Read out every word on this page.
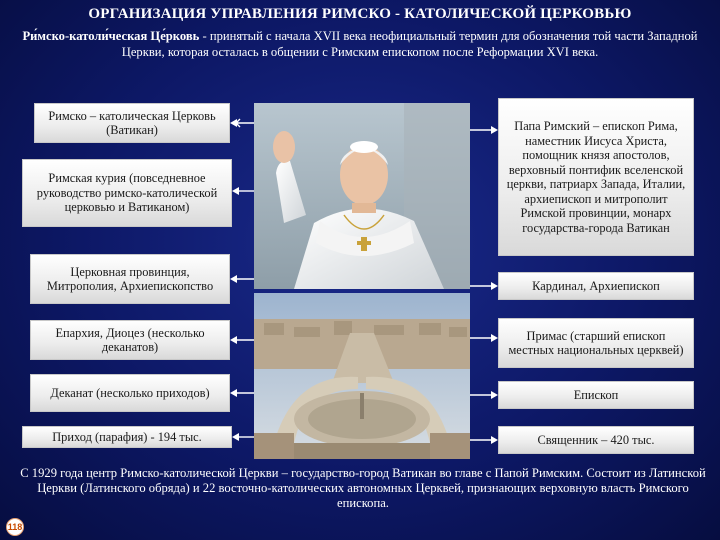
ОРГАНИЗАЦИЯ УПРАВЛЕНИЯ РИМСКО - КАТОЛИЧЕСКОЙ ЦЕРКОВЬЮ
Ри́мско-католи́ческая Це́рковь - принятый с начала XVII века неофициальный термин для обозначения той части Западной Церкви, которая осталась в общении с Римским епископом после Реформации XVI века.
Римско – католическая Церковь (Ватикан)
Римская курия (повседневное руководство римско-католической церковью и Ватиканом)
Церковная провинция, Митрополия, Архиепископство
Епархия, Диоцез (несколько деканатов)
Деканат (несколько приходов)
Приход (парафия) - 194 тыс.
Папа Римский – епископ Рима, наместник Иисуса Христа, помощник князя апостолов, верховный понтифик вселенской церкви, патриарх Запада, Италии, архиепископ и митрополит Римской провинции, монарх государства-города Ватикан
Кардинал, Архиепископ
Примас (старший епископ местных национальных церквей)
Епископ
Священник – 420 тыс.
С 1929 года центр Римско-католической Церкви – государство-город Ватикан во главе с Папой Римским. Состоит из Латинской Церкви (Латинского обряда) и 22 восточно-католических автономных Церквей, признающих верховную власть Римского епископа.
118
